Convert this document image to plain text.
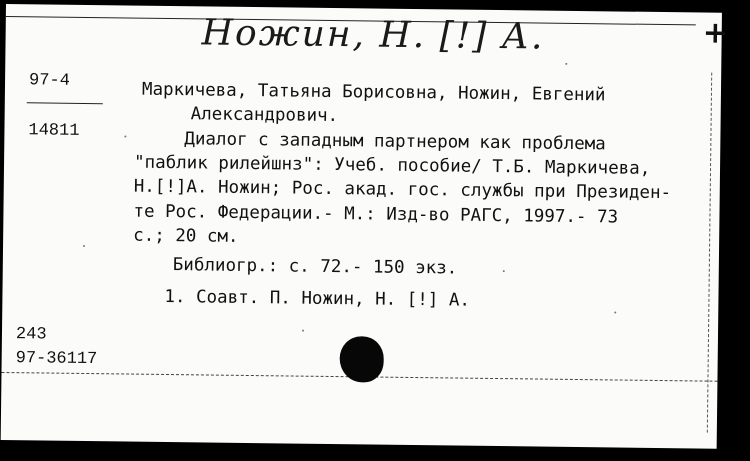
Ножин, Н. [!] А.	+
97-4
14811
Маркичева, Татьяна Борисовна, Ножин, Евгений
Александрович.
Диалог с западным партнером как проблема
"паблик рилейшнз": Учеб. пособие/ Т.Б. Маркичева,
Н.[!]А. Ножин; Рос. акад. гос. службы при Президен-
те Рос. Федерации.- М.: Изд-во РАГС, 1997.- 73
с.; 20 см.
Библиогр.: с. 72.- 150 экз.
1. Соавт. П. Ножин, Н. [!] А.
243
97-36117
